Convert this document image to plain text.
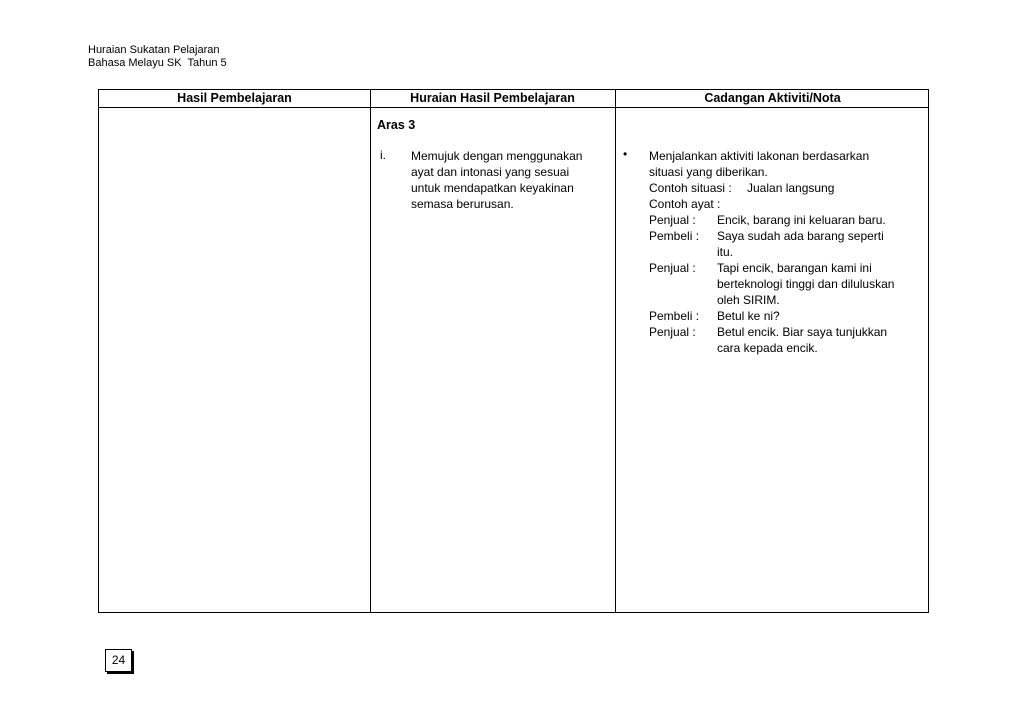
Huraian Sukatan Pelajaran
Bahasa Melayu SK  Tahun 5
Hasil Pembelajaran	Huraian Hasil Pembelajaran	Cadangan Aktiviti/Nota
Aras 3
i. Memujuk dengan menggunakan
ayat dan intonasi yang sesuai
untuk mendapatkan keyakinan
semasa berurusan.
• Menjalankan aktiviti lakonan berdasarkan
situasi yang diberikan.
Contoh situasi : Jualan langsung
Contoh ayat :
Penjual : Encik, barang ini keluaran baru.
Pembeli : Saya sudah ada barang seperti
itu.
Penjual : Tapi encik, barangan kami ini
berteknologi tinggi dan diluluskan
oleh SIRIM.
Pembeli : Betul ke ni?
Penjual : Betul encik. Biar saya tunjukkan
cara kepada encik.
24
